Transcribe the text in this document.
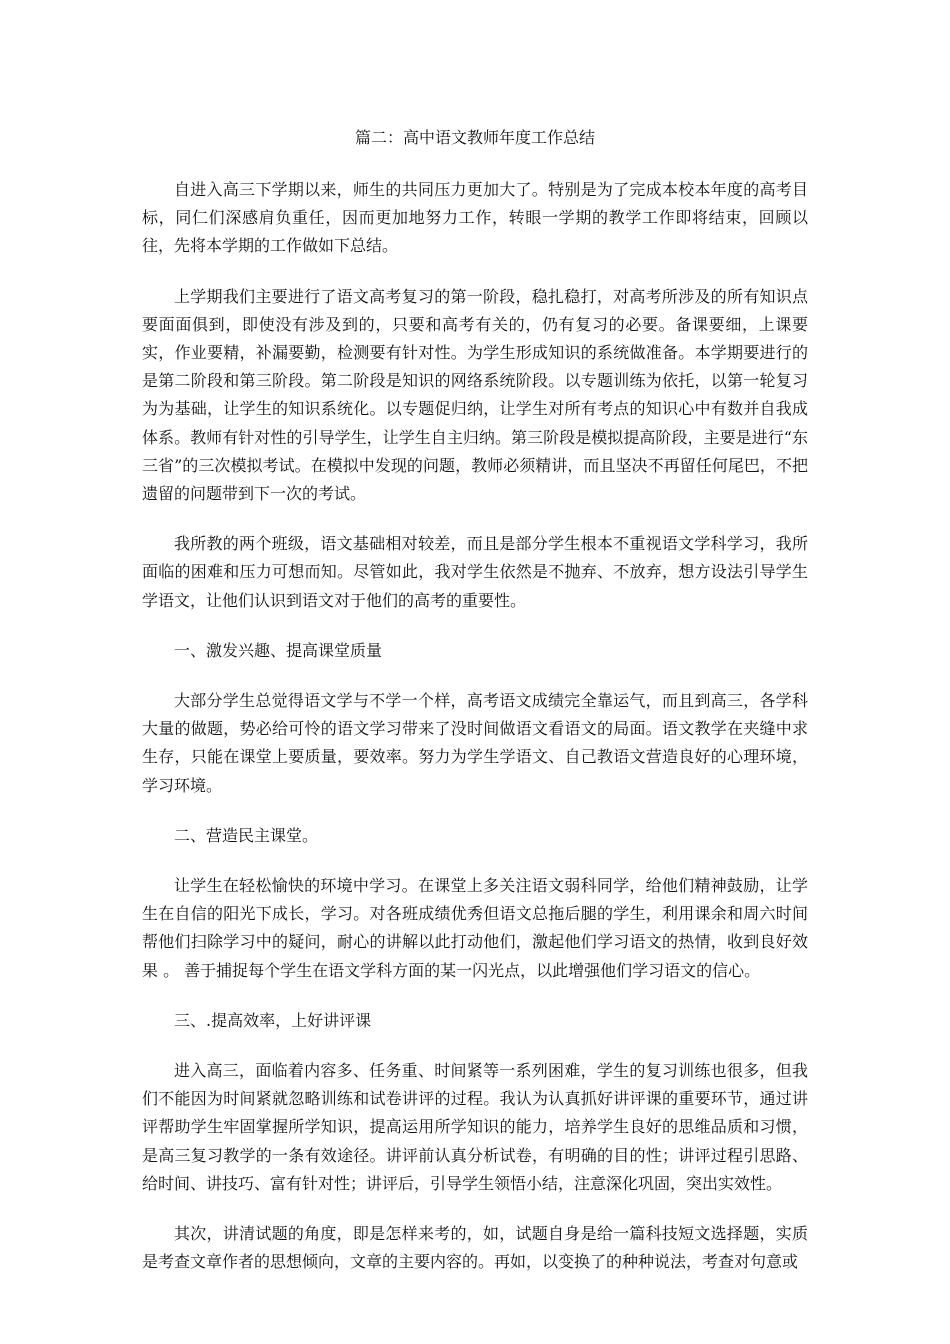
篇二：高中语文教师年度工作总结

自进入高三下学期以来，师生的共同压力更加大了。特别是为了完成本校本年度的高考目标，同仁们深感肩负重任，因而更加地努力工作，转眼一学期的教学工作即将结束，回顾以往，先将本学期的工作做如下总结。

上学期我们主要进行了语文高考复习的第一阶段，稳扎稳打，对高考所涉及的所有知识点要面面俱到，即使没有涉及到的，只要和高考有关的，仍有复习的必要。备课要细，上课要实，作业要精，补漏要勤，检测要有针对性。为学生形成知识的系统做准备。本学期要进行的是第二阶段和第三阶段。第二阶段是知识的网络系统阶段。以专题训练为依托，以第一轮复习为为基础，让学生的知识系统化。以专题促归纳，让学生对所有考点的知识心中有数并自我成体系。教师有针对性的引导学生，让学生自主归纳。第三阶段是模拟提高阶段，主要是进行“东三省”的三次模拟考试。在模拟中发现的问题，教师必须精讲，而且坚决不再留任何尾巴，不把遗留的问题带到下一次的考试。

我所教的两个班级，语文基础相对较差，而且是部分学生根本不重视语文学科学习，我所面临的困难和压力可想而知。尽管如此，我对学生依然是不抛弃、不放弃，想方设法引导学生学语文，让他们认识到语文对于他们的高考的重要性。

一、激发兴趣、提高课堂质量

大部分学生总觉得语文学与不学一个样，高考语文成绩完全靠运气，而且到高三，各学科大量的做题，势必给可怜的语文学习带来了没时间做语文看语文的局面。语文教学在夹缝中求生存，只能在课堂上要质量，要效率。努力为学生学语文、自己教语文营造良好的心理环境，学习环境。

二、营造民主课堂。

让学生在轻松愉快的环境中学习。在课堂上多关注语文弱科同学，给他们精神鼓励，让学生在自信的阳光下成长，学习。对各班成绩优秀但语文总拖后腿的学生，利用课余和周六时间帮他们扫除学习中的疑问，耐心的讲解以此打动他们，激起他们学习语文的热情，收到良好效果 。 善于捕捉每个学生在语文学科方面的某一闪光点，以此增强他们学习语文的信心。

三、.提高效率，上好讲评课

进入高三，面临着内容多、任务重、时间紧等一系列困难，学生的复习训练也很多，但我们不能因为时间紧就忽略训练和试卷讲评的过程。我认为认真抓好讲评课的重要环节，通过讲评帮助学生牢固掌握所学知识，提高运用所学知识的能力，培养学生良好的思维品质和习惯，是高三复习教学的一条有效途径。讲评前认真分析试卷，有明确的目的性；讲评过程引思路、给时间、讲技巧、富有针对性；讲评后，引导学生领悟小结，注意深化巩固，突出实效性。

其次，讲清试题的角度，即是怎样来考的，如，试题自身是给一篇科技短文选择题，实质是考查文章作者的思想倾向，文章的主要内容的。再如，以变换了的种种说法，考查对句意或
